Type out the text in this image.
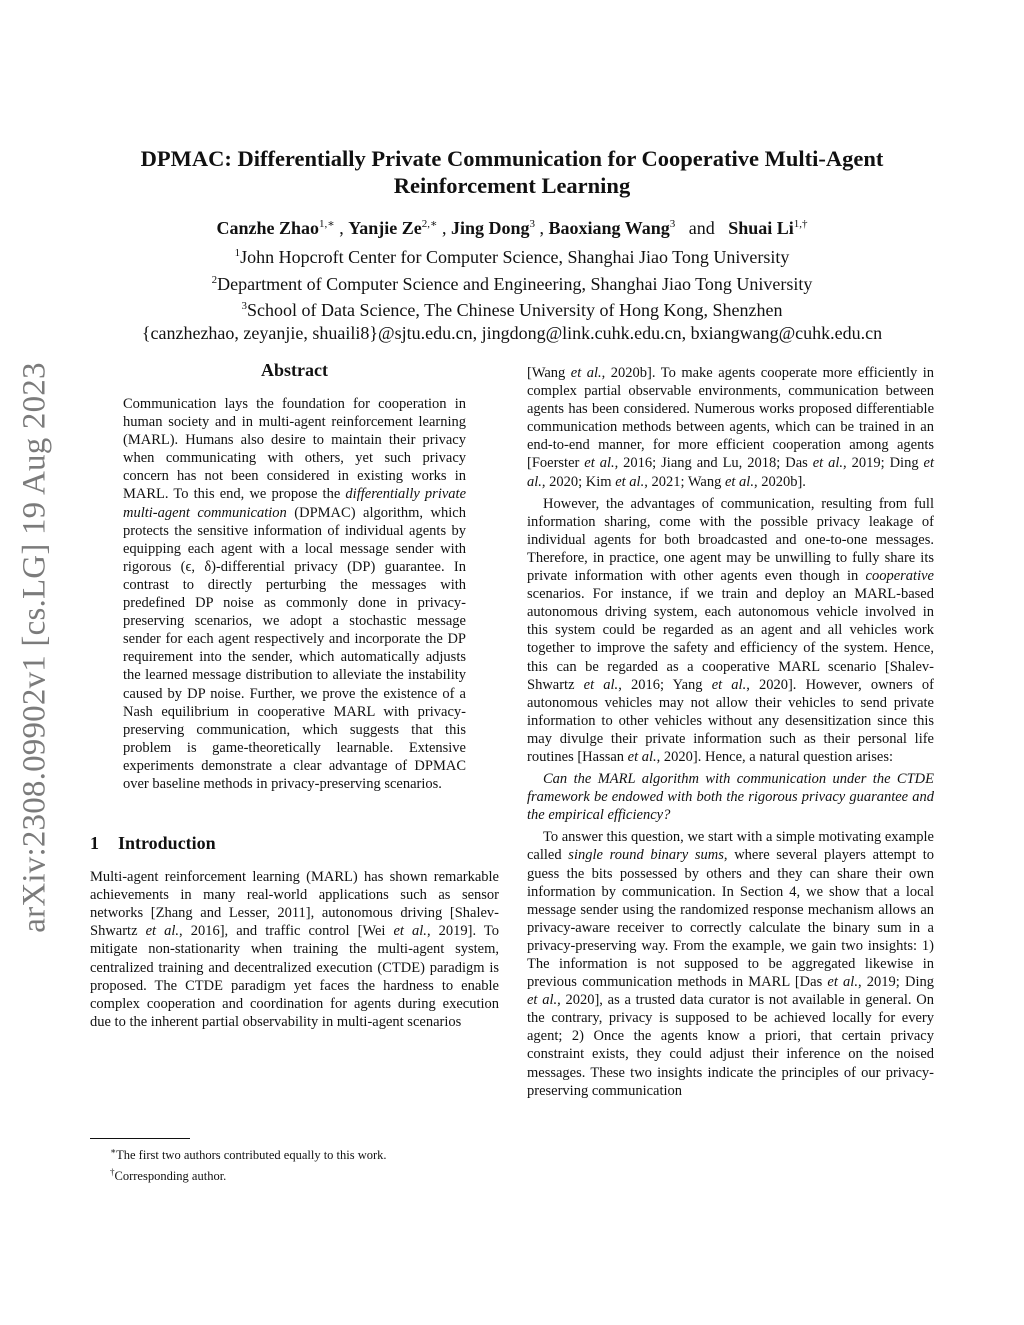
arXiv:2308.09902v1 [cs.LG] 19 Aug 2023
DPMAC: Differentially Private Communication for Cooperative Multi-Agent
Reinforcement Learning
Canzhe Zhao$^{1,∗}$ , Yanjie $Ze^{2,∗}$ , Jing Dong$^3$ , Baoxiang Wang$^3$ and Shuai $Li^{1,\dagger}$
$^1$John Hopcroft Center for Computer Science, Shanghai Jiao Tong University
$^2$Department of Computer Science and Engineering, Shanghai Jiao Tong University
$^3$School of Data Science, The Chinese University of Hong Kong, Shenzhen
{canzhezhao, zeyanjie, shuaili8}@sjtu.edu.cn, jingdong@link.cuhk.edu.cn, bxiangwang@cuhk.edu.cn
Abstract

Communication lays the foundation for cooperation in human society and in multi-agent reinforcement learning (MARL). Humans also desire to maintain their privacy when communicating with others, yet such privacy concern has not been considered in existing works in MARL. To this end, we propose the differentially private multi-agent communication (DPMAC) algorithm, which protects the sensitive information of individual agents by equipping each agent with a local message sender with rigorous (ϵ, δ)-differential privacy (DP) guarantee. In contrast to directly perturbing the messages with predefined DP noise as commonly done in privacy-preserving scenarios, we adopt a stochastic message sender for each agent respectively and incorporate the DP requirement into the sender, which automatically adjusts the learned message distribution to alleviate the instability caused by DP noise. Further, we prove the existence of a Nash equilibrium in cooperative MARL with privacy-preserving communication, which suggests that this problem is game-theoretically learnable. Extensive experiments demonstrate a clear advantage of DPMAC over baseline methods in privacy-preserving scenarios.

1 Introduction

Multi-agent reinforcement learning (MARL) has shown remarkable achievements in many real-world applications such as sensor networks [Zhang and Lesser, 2011], autonomous driving [Shalev-Shwartz et al., 2016], and traffic control [Wei et al., 2019]. To mitigate non-stationarity when training the multi-agent system, centralized training and decentralized execution (CTDE) paradigm is proposed. The CTDE paradigm yet faces the hardness to enable complex cooperation and coordination for agents during execution due to the inherent partial observability in multi-agent scenarios

∗The first two authors contributed equally to this work.
†Corresponding author.

[Wang et al., 2020b]. To make agents cooperate more efficiently in complex partial observable environments, communication between agents has been considered. Numerous works proposed differentiable communication methods between agents, which can be trained in an end-to-end manner, for more efficient cooperation among agents [Foerster et al., 2016; Jiang and Lu, 2018; Das et al., 2019; Ding et al., 2020; Kim et al., 2021; Wang et al., 2020b].

However, the advantages of communication, resulting from full information sharing, come with the possible privacy leakage of individual agents for both broadcasted and one-to-one messages. Therefore, in practice, one agent may be unwilling to fully share its private information with other agents even though in cooperative scenarios. For instance, if we train and deploy an MARL-based autonomous driving system, each autonomous vehicle involved in this system could be regarded as an agent and all vehicles work together to improve the safety and efficiency of the system. Hence, this can be regarded as a cooperative MARL scenario [Shalev-Shwartz et al., 2016; Yang et al., 2020]. However, owners of autonomous vehicles may not allow their vehicles to send private information to other vehicles without any desensitization since this may divulge their private information such as their personal life routines [Hassan et al., 2020]. Hence, a natural question arises:

Can the MARL algorithm with communication under the CTDE framework be endowed with both the rigorous privacy guarantee and the empirical efficiency?

To answer this question, we start with a simple motivating example called single round binary sums, where several players attempt to guess the bits possessed by others and they can share their own information by communication. In Section 4, we show that a local message sender using the randomized response mechanism allows an privacy-aware receiver to correctly calculate the binary sum in a privacy-preserving way. From the example, we gain two insights: 1) The information is not supposed to be aggregated likewise in previous communication methods in MARL [Das et al., 2019; Ding et al., 2020], as a trusted data curator is not available in general. On the contrary, privacy is supposed to be achieved locally for every agent; 2) Once the agents know a priori, that certain privacy constraint exists, they could adjust their inference on the noised messages. These two insights indicate the principles of our privacy-preserving communication
